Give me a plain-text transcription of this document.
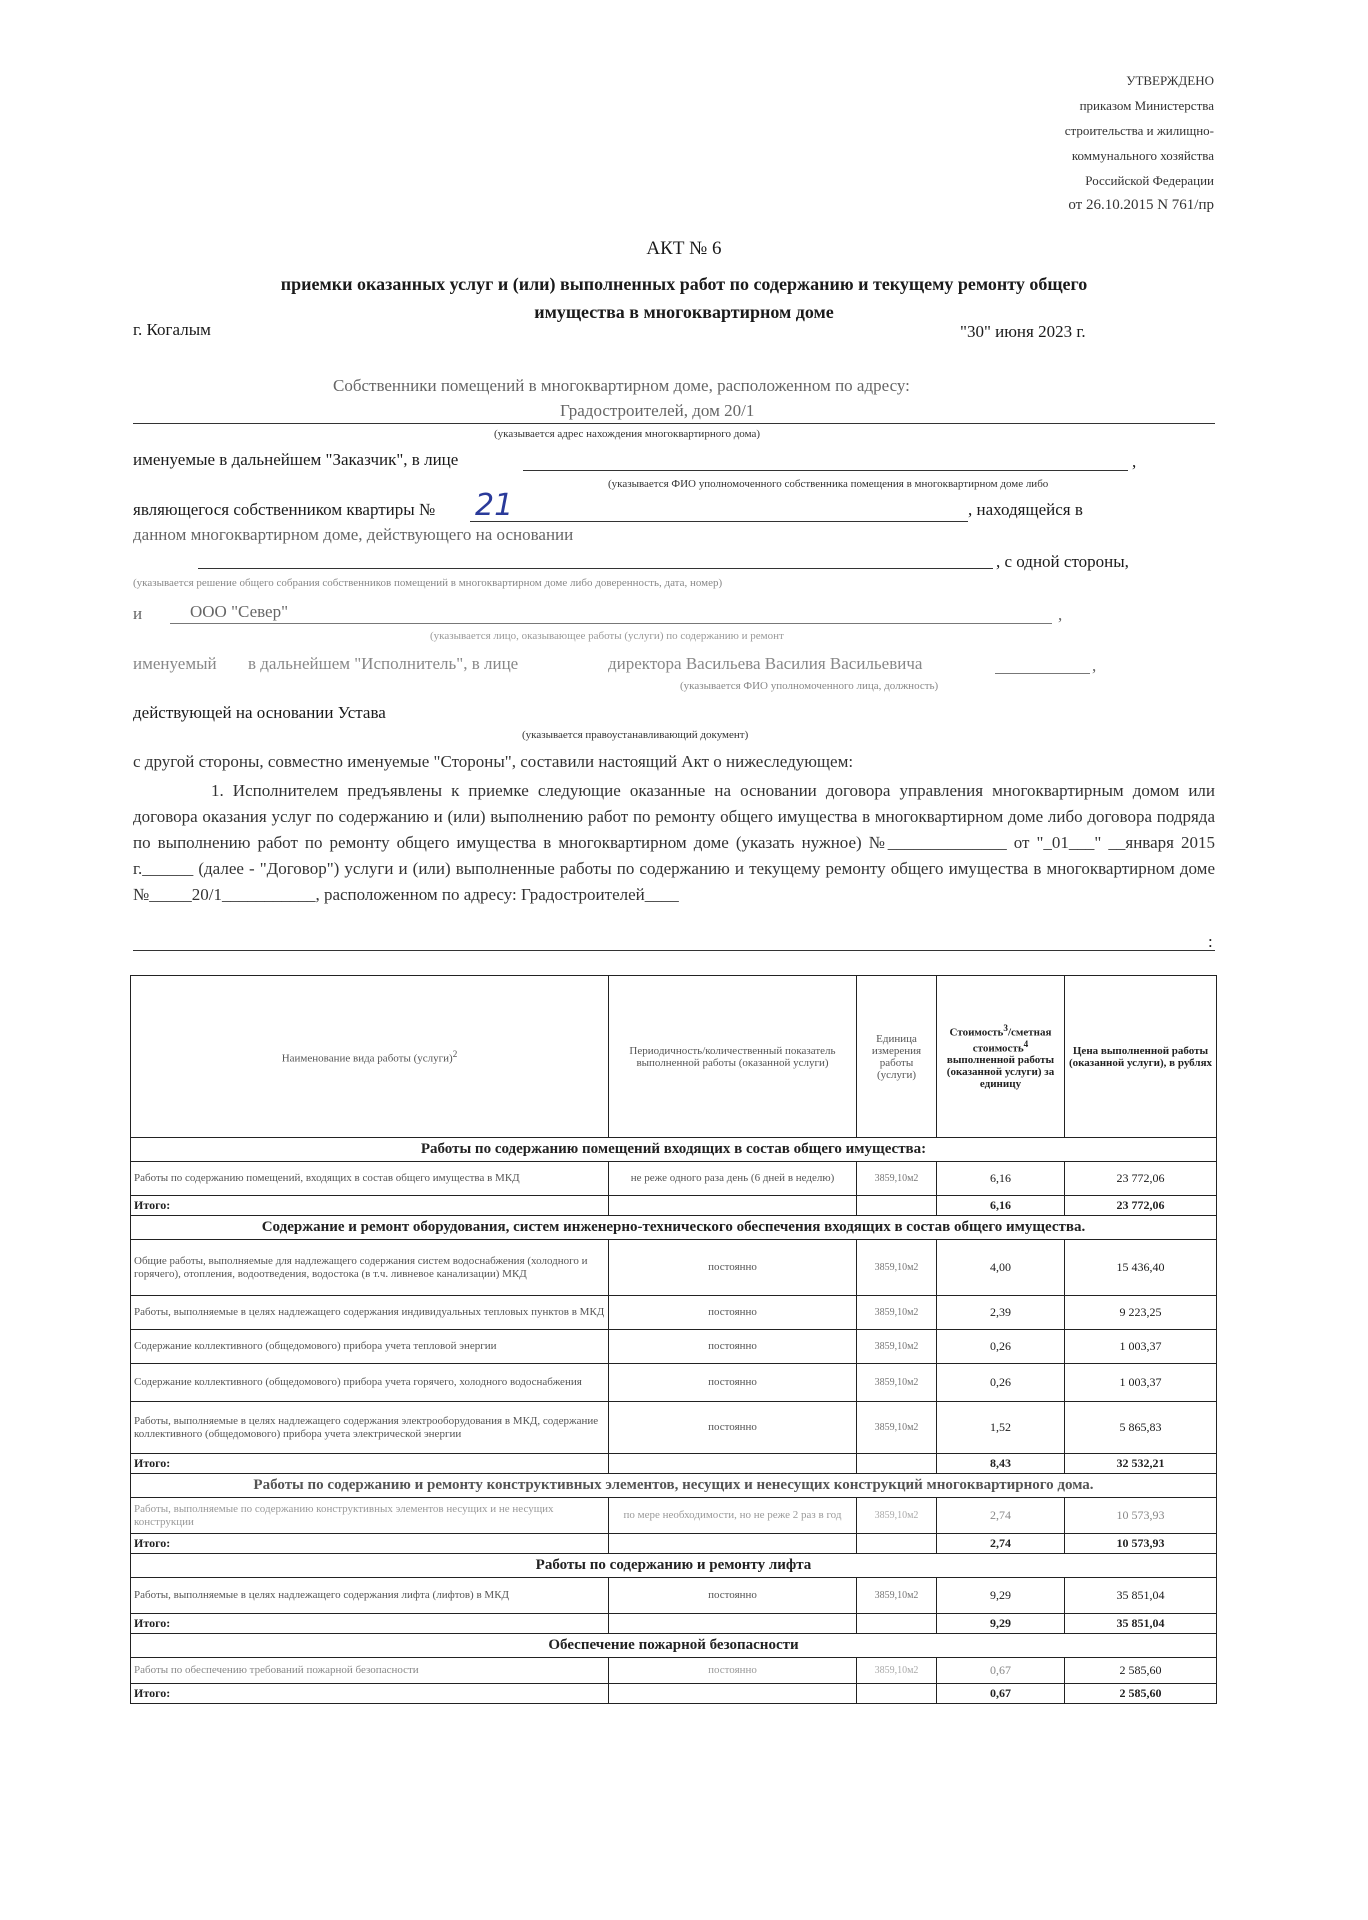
УТВЕРЖДЕНО
приказом Министерства
строительства и жилищно-
коммунального хозяйства
Российской Федерации
от 26.10.2015 N 761/пр
АКТ № 6
приемки оказанных услуг и (или) выполненных работ по содержанию и текущему ремонту общего
имущества в многоквартирном доме
г. Когалым	"30" июня 2023 г.
Собственники помещений в многоквартирном доме, расположенном по адресу:
Градостроителей, дом 20/1
(указывается адрес нахождения многоквартирного дома)
именуемые в дальнейшем "Заказчик", в лице	,
(указывается ФИО уполномоченного собственника помещения в многоквартирном доме либо
являющегося собственником квартиры № 21	, находящейся в
данном многоквартирном доме, действующего на основании
, с одной стороны,
(указывается решение общего собрания собственников помещений в многоквартирном доме либо доверенность, дата, номер)
и	ООО "Север"	,
(указывается лицо, оказывающее работы (услуги) по содержанию и ремонт
именуемый в дальнейшем "Исполнитель", в лице	директора Васильева Василия Васильевича	,
(указывается ФИО уполномоченного лица, должность)
действующей на основании Устава
(указывается правоустанавливающий документ)
с другой стороны, совместно именуемые "Стороны", составили настоящий Акт о нижеследующем:
1. Исполнителем предъявлены к приемке следующие оказанные на основании договора управления многоквартирным домом или договора оказания услуг по содержанию и (или) выполнению работ по ремонту общего имущества в многоквартирном доме либо договора подряда по выполнению работ по ремонту общего имущества в многоквартирном доме (указать нужное) №______________ от "_01___" __января 2015 г.______ (далее - "Договор") услуги и (или) выполненные работы по содержанию и текущему ремонту общего имущества в многоквартирном доме №_____20/1___________, расположенном по адресу: Градостроителей____
:
Наименование вида работы (услуги)$^2$	Периодичность/количественный показатель выполненной работы (оказанной услуги)	Единица измерения работы (услуги)	Стоимость$^3$/сметная стоимость$^4$ выполненной работы (оказанной услуги) за единицу	Цена выполненной работы (оказанной услуги), в рублях
Работы по содержанию помещений входящих в состав общего имущества:				
Работы по содержанию помещений, входящих в состав общего имущества в МКД	не реже одного раза день (6 дней в неделю)	3859,10м2	6,16	23 772,06
Итого:			6,16	23 772,06
Содержание и ремонт оборудования, систем инженерно-технического обеспечения входящих в состав общего имущества.				
Общие работы, выполняемые для надлежащего содержания систем водоснабжения (холодного и горячего), отопления, водоотведения, водостока (в т.ч. ливневое канализации) МКД	постоянно	3859,10м2	4,00	15 436,40
Работы, выполняемые в целях надлежащего содержания индивидуальных тепловых пунктов в МКД	постоянно	3859,10м2	2,39	9 223,25
Содержание коллективного (общедомового) прибора учета тепловой энергии	постоянно	3859,10м2	0,26	1 003,37
Содержание коллективного (общедомового) прибора учета горячего, холодного водоснабжения	постоянно	3859,10м2	0,26	1 003,37
Работы, выполняемые в целях надлежащего содержания электрооборудования в МКД, содержание коллективного (общедомового) прибора учета электрической энергии	постоянно	3859,10м2	1,52	5 865,83
Итого:			8,43	32 532,21
Работы по содержанию и ремонту конструктивных элементов, несущих и ненесущих конструкций многоквартирного дома.				
Работы, выполняемые по содержанию конструктивных элементов несущих и не несущих конструкции	по мере необходимости, но не реже 2 раз в год	3859,10м2	2,74	10 573,93
Итого:			2,74	10 573,93
Работы по содержанию и ремонту лифта				
Работы, выполняемые в целях надлежащего содержания лифта (лифтов) в МКД	постоянно	3859,10м2	9,29	35 851,04
Итого:			9,29	35 851,04
Обеспечение пожарной безопасности				
Работы по обеспечению требований пожарной безопасности	постоянно	3859,10м2	0,67	2 585,60
Итого:			0,67	2 585,60
